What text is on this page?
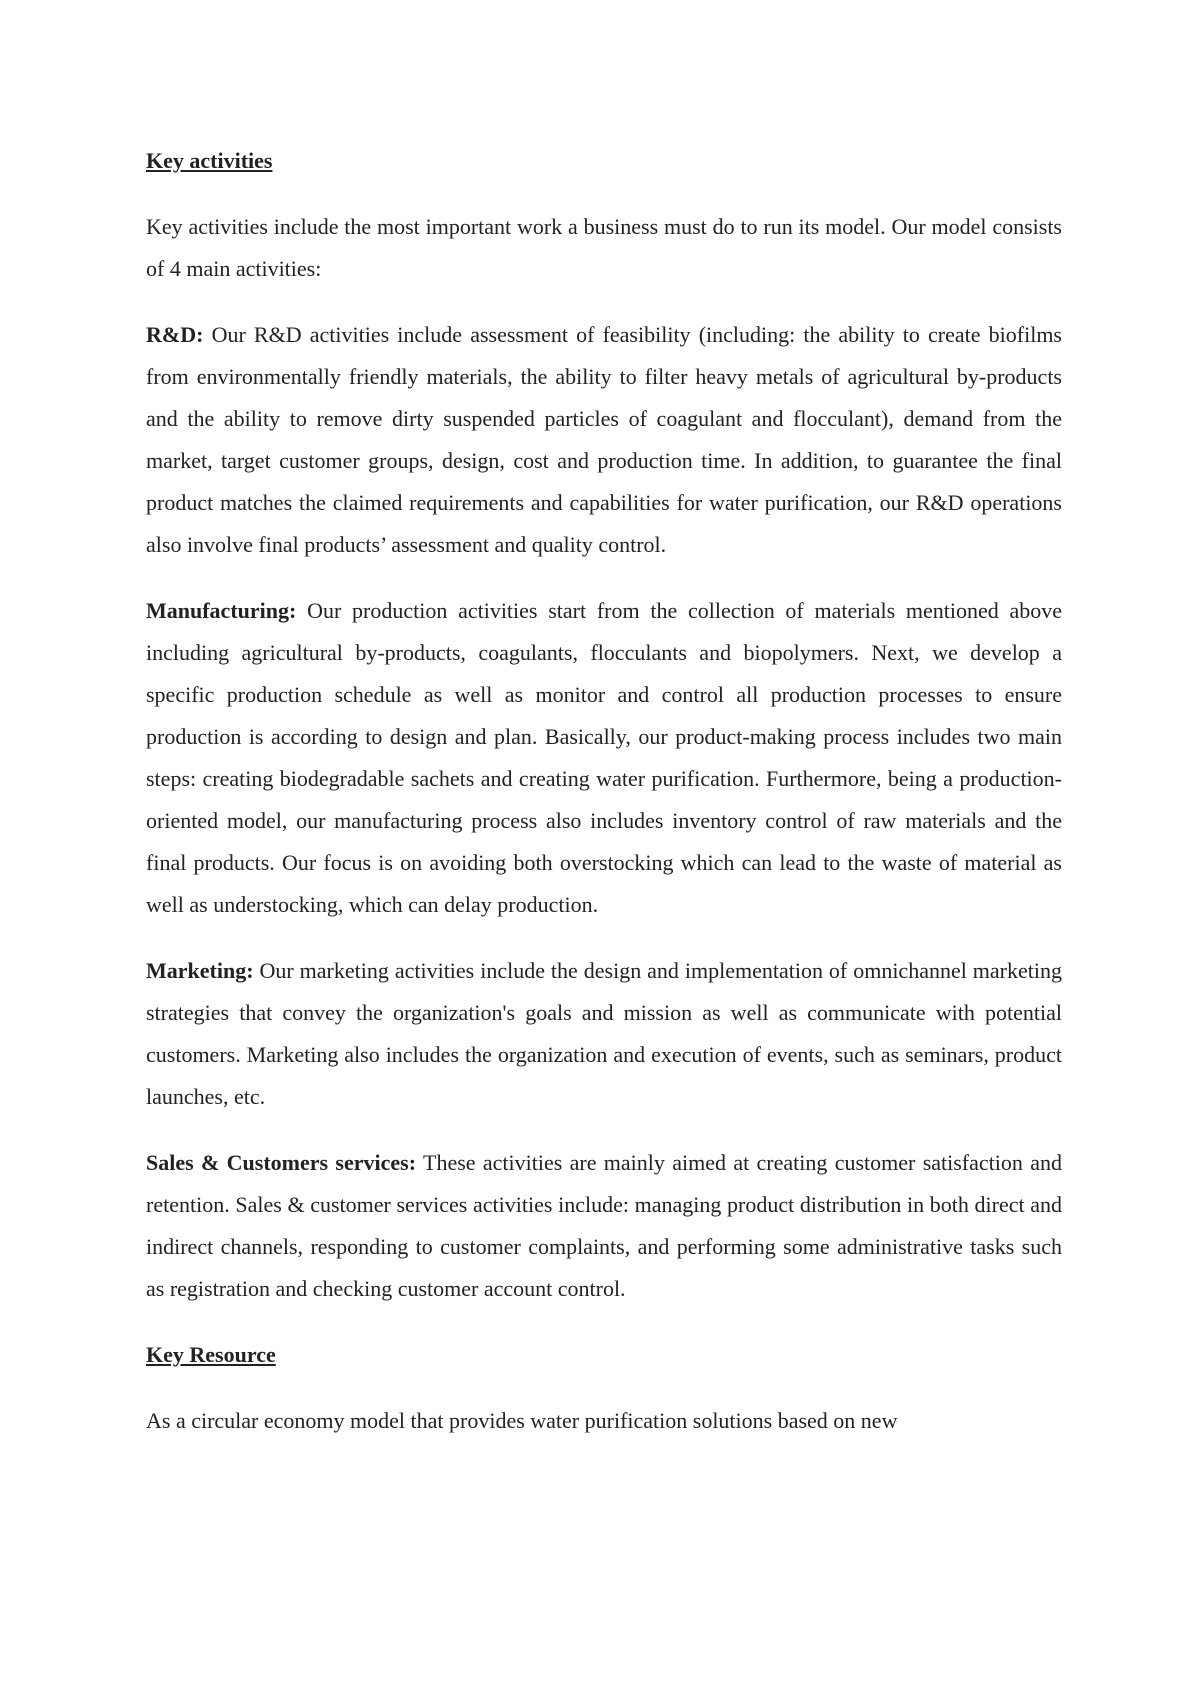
Key activities

Key activities include the most important work a business must do to run its model. Our model consists of 4 main activities:

R&D: Our R&D activities include assessment of feasibility (including: the ability to create biofilms from environmentally friendly materials, the ability to filter heavy metals of agricultural by-products and the ability to remove dirty suspended particles of coagulant and flocculant), demand from the market, target customer groups, design, cost and production time. In addition, to guarantee the final product matches the claimed requirements and capabilities for water purification, our R&D operations also involve final products’ assessment and quality control.

Manufacturing: Our production activities start from the collection of materials mentioned above including agricultural by-products, coagulants, flocculants and biopolymers. Next, we develop a specific production schedule as well as monitor and control all production processes to ensure production is according to design and plan. Basically, our product-making process includes two main steps: creating biodegradable sachets and creating water purification. Furthermore, being a production-oriented model, our manufacturing process also includes inventory control of raw materials and the final products. Our focus is on avoiding both overstocking which can lead to the waste of material as well as understocking, which can delay production.

Marketing: Our marketing activities include the design and implementation of omnichannel marketing strategies that convey the organization's goals and mission as well as communicate with potential customers. Marketing also includes the organization and execution of events, such as seminars, product launches, etc.

Sales & Customers services: These activities are mainly aimed at creating customer satisfaction and retention. Sales & customer services activities include: managing product distribution in both direct and indirect channels, responding to customer complaints, and performing some administrative tasks such as registration and checking customer account control.

Key Resource

As a circular economy model that provides water purification solutions based on new
